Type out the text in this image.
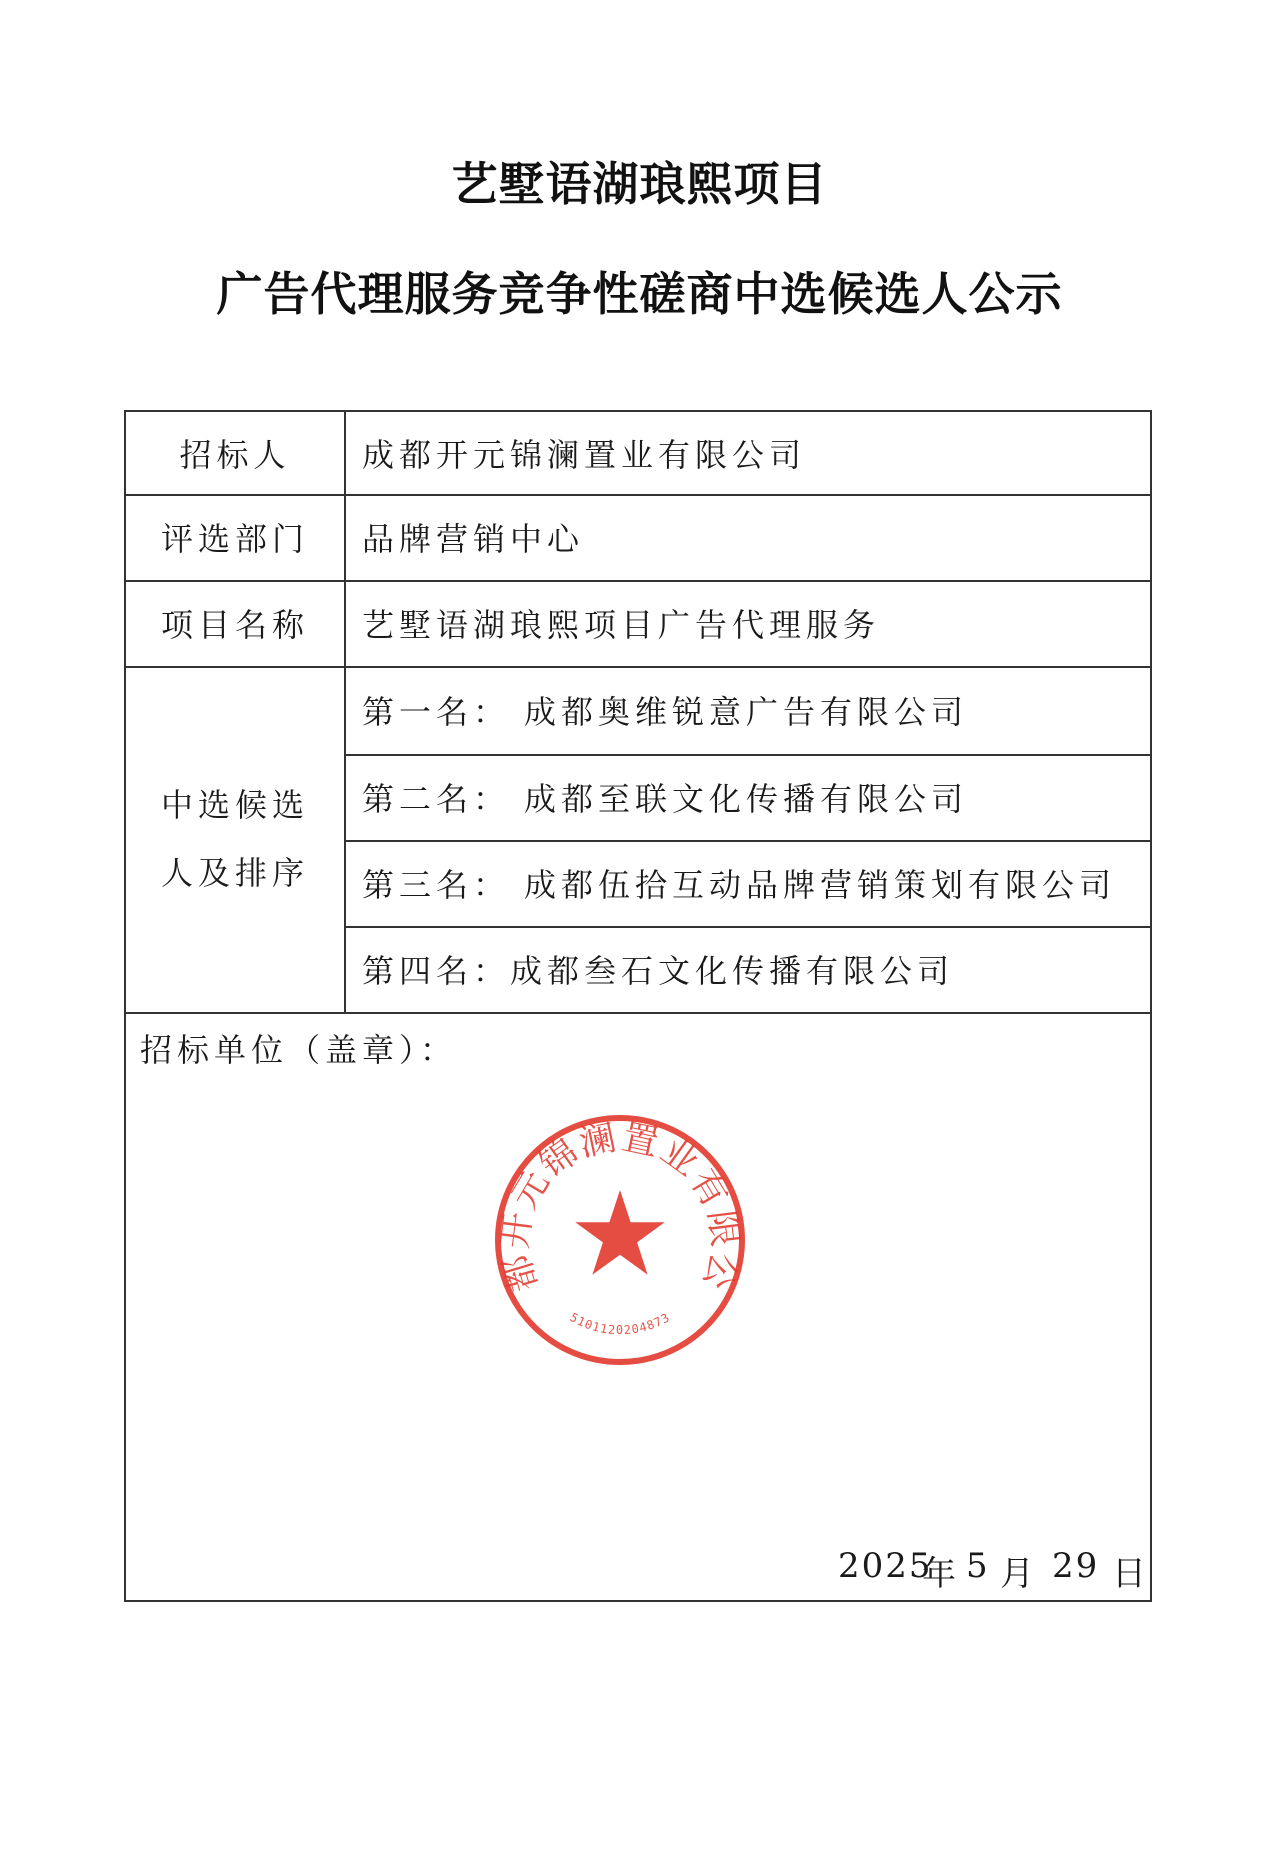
艺墅语湖琅熙项目
广告代理服务竞争性磋商中选候选人公示
招标人	成都开元锦澜置业有限公司
评选部门	品牌营销中心
项目名称	艺墅语湖琅熙项目广告代理服务
中选候选
人及排序
第一名： 成都奥维锐意广告有限公司
第二名： 成都至联文化传播有限公司
第三名： 成都伍拾互动品牌营销策划有限公司
第四名： 成都叁石文化传播有限公司
招标单位（盖章）：
都开元锦澜置业有限公
5101120204873
2025
年 5 月 29 日
